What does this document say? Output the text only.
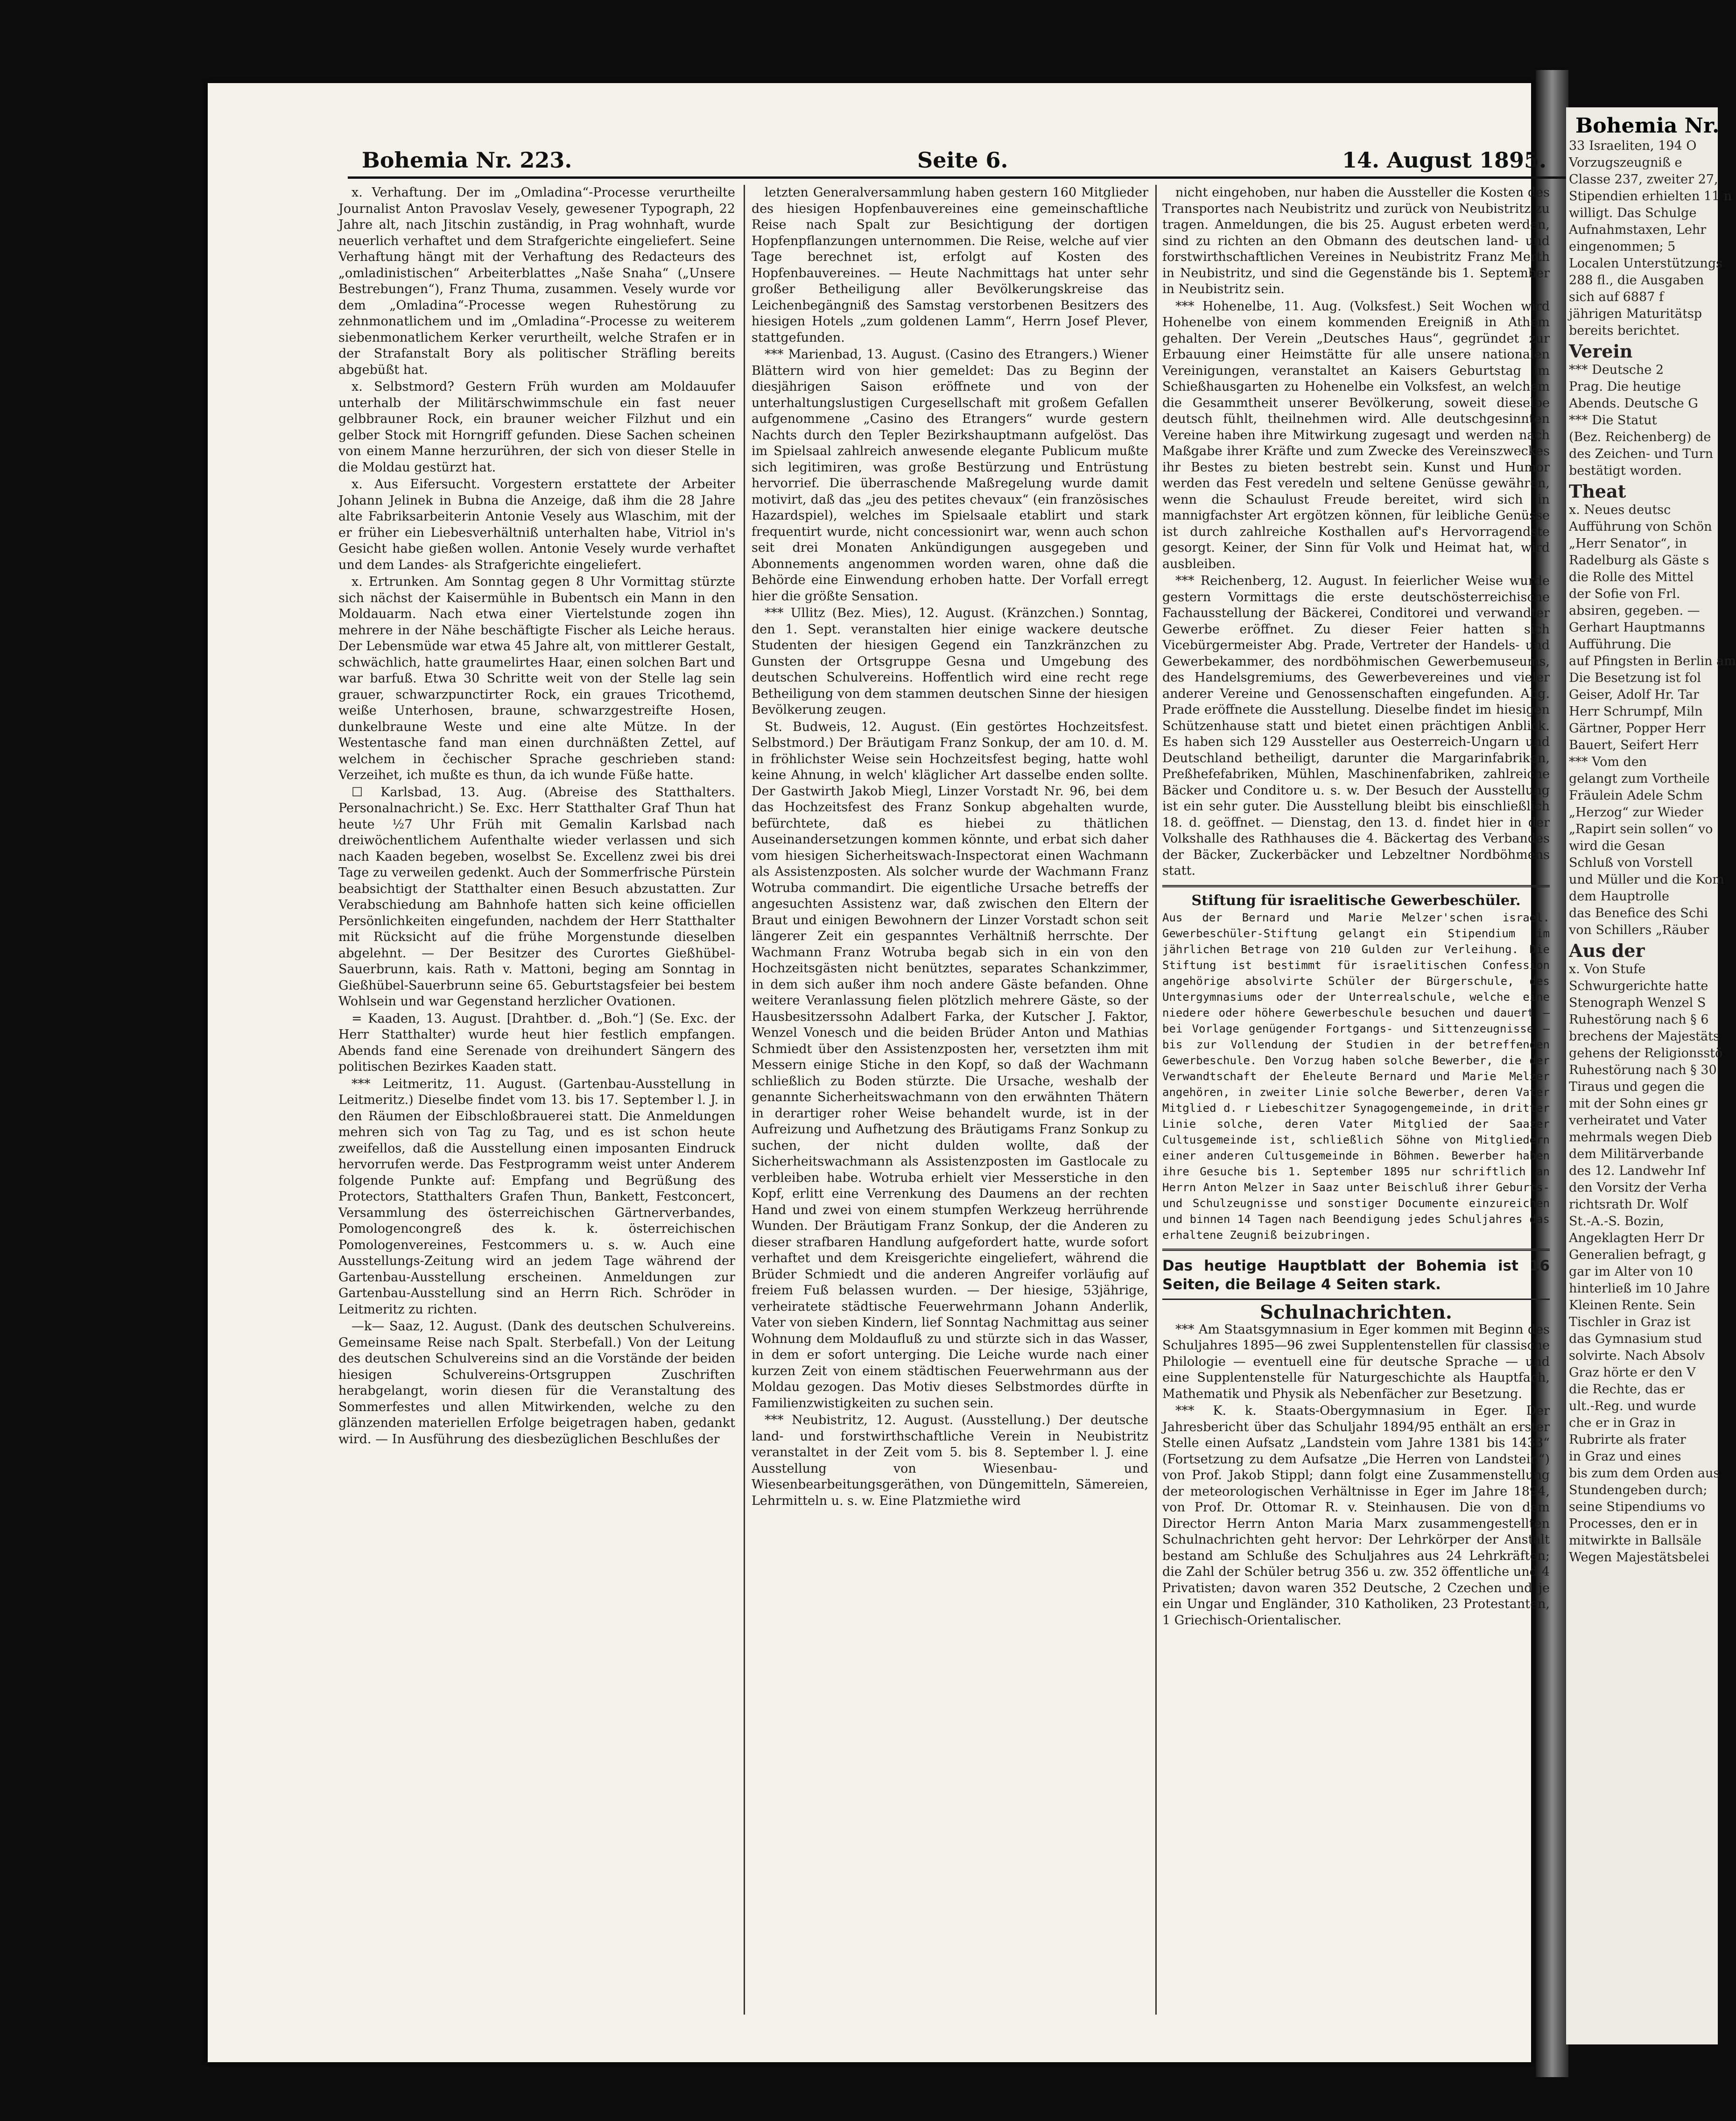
Bohemia Nr. 223.	Seite 6.	14. August 1895.

x. Verhaftung. Der im „Omladina“-Processe verurtheilte Journalist Anton Pravoslav Vesely, gewesener Typograph, 22 Jahre alt, nach Jitschin zuständig, in Prag wohnhaft, wurde neuerlich verhaftet und dem Strafgerichte eingeliefert. Seine Verhaftung hängt mit der Verhaftung des Redacteurs des „omladinistischen“ Arbeiterblattes „Naše Snaha“ („Unsere Bestrebungen“), Franz Thuma, zusammen. Vesely wurde vor dem „Omladina“-Processe wegen Ruhestörung zu zehnmonatlichem und im „Omladina“-Processe zu weiterem siebenmonatlichem Kerker verurtheilt, welche Strafen er in der Strafanstalt Bory als politischer Sträfling bereits abgebüßt hat.

x. Selbstmord? Gestern Früh wurden am Moldauufer unterhalb der Militärschwimmschule ein fast neuer gelbbrauner Rock, ein brauner weicher Filzhut und ein gelber Stock mit Horngriff gefunden. Diese Sachen scheinen von einem Manne herzurühren, der sich von dieser Stelle in die Moldau gestürzt hat.

x. Aus Eifersucht. Vorgestern erstattete der Arbeiter Johann Jelinek in Bubna die Anzeige, daß ihm die 28 Jahre alte Fabriksarbeiterin Antonie Vesely aus Wlaschim, mit der er früher ein Liebesverhältniß unterhalten habe, Vitriol in's Gesicht habe gießen wollen. Antonie Vesely wurde verhaftet und dem Landes- als Strafgerichte eingeliefert.

x. Ertrunken. Am Sonntag gegen 8 Uhr Vormittag stürzte sich nächst der Kaisermühle in Bubentsch ein Mann in den Moldauarm. Nach etwa einer Viertelstunde zogen ihn mehrere in der Nähe beschäftigte Fischer als Leiche heraus. Der Lebensmüde war etwa 45 Jahre alt, von mittlerer Gestalt, schwächlich, hatte graumelirtes Haar, einen solchen Bart und war barfuß. Etwa 30 Schritte weit von der Stelle lag sein grauer, schwarzpunctirter Rock, ein graues Tricothemd, weiße Unterhosen, braune, schwarzgestreifte Hosen, dunkelbraune Weste und eine alte Mütze. In der Westentasche fand man einen durchnäßten Zettel, auf welchem in čechischer Sprache geschrieben stand: Verzeihet, ich mußte es thun, da ich wunde Füße hatte.

☐ Karlsbad, 13. Aug. (Abreise des Statthalters. Personalnachricht.) Se. Exc. Herr Statthalter Graf Thun hat heute ½7 Uhr Früh mit Gemalin Karlsbad nach dreiwöchentlichem Aufenthalte wieder verlassen und sich nach Kaaden begeben, woselbst Se. Excellenz zwei bis drei Tage zu verweilen gedenkt. Auch der Sommerfrische Pürstein beabsichtigt der Statthalter einen Besuch abzustatten. Zur Verabschiedung am Bahnhofe hatten sich keine officiellen Persönlichkeiten eingefunden, nachdem der Herr Statthalter mit Rücksicht auf die frühe Morgenstunde dieselben abgelehnt. — Der Besitzer des Curortes Gießhübel-Sauerbrunn, kais. Rath v. Mattoni, beging am Sonntag in Gießhübel-Sauerbrunn seine 65. Geburtstagsfeier bei bestem Wohlsein und war Gegenstand herzlicher Ovationen.

= Kaaden, 13. August. [Drahtber. d. „Boh.“] (Se. Exc. der Herr Statthalter) wurde heut hier festlich empfangen. Abends fand eine Serenade von dreihundert Sängern des politischen Bezirkes Kaaden statt.

*** Leitmeritz, 11. August. (Gartenbau-Ausstellung in Leitmeritz.) Dieselbe findet vom 13. bis 17. September l. J. in den Räumen der Eibschloßbrauerei statt. Die Anmeldungen mehren sich von Tag zu Tag, und es ist schon heute zweifellos, daß die Ausstellung einen imposanten Eindruck hervorrufen werde. Das Festprogramm weist unter Anderem folgende Punkte auf: Empfang und Begrüßung des Protectors, Statthalters Grafen Thun, Bankett, Festconcert, Versammlung des österreichischen Gärtnerverbandes, Pomologencongreß des k. k. österreichischen Pomologenvereines, Festcommers u. s. w. Auch eine Ausstellungs-Zeitung wird an jedem Tage während der Gartenbau-Ausstellung erscheinen. Anmeldungen zur Gartenbau-Ausstellung sind an Herrn Rich. Schröder in Leitmeritz zu richten.

—k— Saaz, 12. August. (Dank des deutschen Schulvereins. Gemeinsame Reise nach Spalt. Sterbefall.) Von der Leitung des deutschen Schulvereins sind an die Vorstände der beiden hiesigen Schulvereins-Ortsgruppen Zuschriften herabgelangt, worin diesen für die Veranstaltung des Sommerfestes und allen Mitwirkenden, welche zu den glänzenden materiellen Erfolge beigetragen haben, gedankt wird. — In Ausführung des diesbezüglichen Beschlußes der

letzten Generalversammlung haben gestern 160 Mitglieder des hiesigen Hopfenbauvereines eine gemeinschaftliche Reise nach Spalt zur Besichtigung der dortigen Hopfenpflanzungen unternommen. Die Reise, welche auf vier Tage berechnet ist, erfolgt auf Kosten des Hopfenbauvereines. — Heute Nachmittags hat unter sehr großer Betheiligung aller Bevölkerungskreise das Leichenbegängniß des Samstag verstorbenen Besitzers des hiesigen Hotels „zum goldenen Lamm“, Herrn Josef Plever, stattgefunden.

*** Marienbad, 13. August. (Casino des Etrangers.) Wiener Blättern wird von hier gemeldet: Das zu Beginn der diesjährigen Saison eröffnete und von der unterhaltungslustigen Curgesellschaft mit großem Gefallen aufgenommene „Casino des Etrangers“ wurde gestern Nachts durch den Tepler Bezirkshauptmann aufgelöst. Das im Spielsaal zahlreich anwesende elegante Publicum mußte sich legitimiren, was große Bestürzung und Entrüstung hervorrief. Die überraschende Maßregelung wurde damit motivirt, daß das „jeu des petites chevaux“ (ein französisches Hazardspiel), welches im Spielsaale etablirt und stark frequentirt wurde, nicht concessionirt war, wenn auch schon seit drei Monaten Ankündigungen ausgegeben und Abonnements angenommen worden waren, ohne daß die Behörde eine Einwendung erhoben hatte. Der Vorfall erregt hier die größte Sensation.

*** Ullitz (Bez. Mies), 12. August. (Kränzchen.) Sonntag, den 1. Sept. veranstalten hier einige wackere deutsche Studenten der hiesigen Gegend ein Tanzkränzchen zu Gunsten der Ortsgruppe Gesna und Umgebung des deutschen Schulvereins. Hoffentlich wird eine recht rege Betheiligung von dem stammen deutschen Sinne der hiesigen Bevölkerung zeugen.

St. Budweis, 12. August. (Ein gestörtes Hochzeitsfest. Selbstmord.) Der Bräutigam Franz Sonkup, der am 10. d. M. in fröhlichster Weise sein Hochzeitsfest beging, hatte wohl keine Ahnung, in welch' kläglicher Art dasselbe enden sollte. Der Gastwirth Jakob Miegl, Linzer Vorstadt Nr. 96, bei dem das Hochzeitsfest des Franz Sonkup abgehalten wurde, befürchtete, daß es hiebei zu thätlichen Auseinandersetzungen kommen könnte, und erbat sich daher vom hiesigen Sicherheitswach-Inspectorat einen Wachmann als Assistenzposten. Als solcher wurde der Wachmann Franz Wotruba commandirt. Die eigentliche Ursache betreffs der angesuchten Assistenz war, daß zwischen den Eltern der Braut und einigen Bewohnern der Linzer Vorstadt schon seit längerer Zeit ein gespanntes Verhältniß herrschte. Der Wachmann Franz Wotruba begab sich in ein von den Hochzeitsgästen nicht benütztes, separates Schankzimmer, in dem sich außer ihm noch andere Gäste befanden. Ohne weitere Veranlassung fielen plötzlich mehrere Gäste, so der Hausbesitzerssohn Adalbert Farka, der Kutscher J. Faktor, Wenzel Vonesch und die beiden Brüder Anton und Mathias Schmiedt über den Assistenzposten her, versetzten ihm mit Messern einige Stiche in den Kopf, so daß der Wachmann schließlich zu Boden stürzte. Die Ursache, weshalb der genannte Sicherheitswachmann von den erwähnten Thätern in derartiger roher Weise behandelt wurde, ist in der Aufreizung und Aufhetzung des Bräutigams Franz Sonkup zu suchen, der nicht dulden wollte, daß der Sicherheitswachmann als Assistenzposten im Gastlocale zu verbleiben habe. Wotruba erhielt vier Messerstiche in den Kopf, erlitt eine Verrenkung des Daumens an der rechten Hand und zwei von einem stumpfen Werkzeug herrührende Wunden. Der Bräutigam Franz Sonkup, der die Anderen zu dieser strafbaren Handlung aufgefordert hatte, wurde sofort verhaftet und dem Kreisgerichte eingeliefert, während die Brüder Schmiedt und die anderen Angreifer vorläufig auf freiem Fuß belassen wurden. — Der hiesige, 53jährige, verheiratete städtische Feuerwehrmann Johann Anderlik, Vater von sieben Kindern, lief Sonntag Nachmittag aus seiner Wohnung dem Moldaufluß zu und stürzte sich in das Wasser, in dem er sofort unterging. Die Leiche wurde nach einer kurzen Zeit von einem städtischen Feuerwehrmann aus der Moldau gezogen. Das Motiv dieses Selbstmordes dürfte in Familienzwistigkeiten zu suchen sein.

*** Neubistritz, 12. August. (Ausstellung.) Der deutsche land- und forstwirthschaftliche Verein in Neubistritz veranstaltet in der Zeit vom 5. bis 8. September l. J. eine Ausstellung von Wiesenbau- und Wiesenbearbeitungsgeräthen, von Düngemitteln, Sämereien, Lehrmitteln u. s. w. Eine Platzmiethe wird

nicht eingehoben, nur haben die Aussteller die Kosten des Transportes nach Neubistritz und zurück von Neubistritz zu tragen. Anmeldungen, die bis 25. August erbeten werden, sind zu richten an den Obmann des deutschen land- und forstwirthschaftlichen Vereines in Neubistritz Franz Merth in Neubistritz, und sind die Gegenstände bis 1. September in Neubistritz sein.

*** Hohenelbe, 11. Aug. (Volksfest.) Seit Wochen wird Hohenelbe von einem kommenden Ereigniß in Athem gehalten. Der Verein „Deutsches Haus“, gegründet zur Erbauung einer Heimstätte für alle unsere nationalen Vereinigungen, veranstaltet an Kaisers Geburtstag im Schießhausgarten zu Hohenelbe ein Volksfest, an welchem die Gesammtheit unserer Bevölkerung, soweit dieselbe deutsch fühlt, theilnehmen wird. Alle deutschgesinnten Vereine haben ihre Mitwirkung zugesagt und werden nach Maßgabe ihrer Kräfte und zum Zwecke des Vereinszweckes ihr Bestes zu bieten bestrebt sein. Kunst und Humor werden das Fest veredeln und seltene Genüsse gewähren, wenn die Schaulust Freude bereitet, wird sich in mannigfachster Art ergötzen können, für leibliche Genüsse ist durch zahlreiche Kosthallen auf's Hervorragendste gesorgt. Keiner, der Sinn für Volk und Heimat hat, wird ausbleiben.

*** Reichenberg, 12. August. In feierlicher Weise wurde gestern Vormittags die erste deutschösterreichische Fachausstellung der Bäckerei, Conditorei und verwandter Gewerbe eröffnet. Zu dieser Feier hatten sich Vicebürgermeister Abg. Prade, Vertreter der Handels- und Gewerbekammer, des nordböhmischen Gewerbemuseums, des Handelsgremiums, des Gewerbevereines und vieler anderer Vereine und Genossenschaften eingefunden. Abg. Prade eröffnete die Ausstellung. Dieselbe findet im hiesigen Schützenhause statt und bietet einen prächtigen Anblick. Es haben sich 129 Aussteller aus Oesterreich-Ungarn und Deutschland betheiligt, darunter die Margarinfabriken, Preßhefefabriken, Mühlen, Maschinenfabriken, zahlreiche Bäcker und Conditore u. s. w. Der Besuch der Ausstellung ist ein sehr guter. Die Ausstellung bleibt bis einschließlich 18. d. geöffnet. — Dienstag, den 13. d. findet hier in der Volkshalle des Rathhauses die 4. Bäckertag des Verbandes der Bäcker, Zuckerbäcker und Lebzeltner Nordböhmens statt.

Stiftung für israelitische Gewerbeschüler.

Aus der Bernard und Marie Melzer'schen israel. Gewerbeschüler-Stiftung gelangt ein Stipendium im jährlichen Betrage von 210 Gulden zur Verleihung. Die Stiftung ist bestimmt für israelitischen Confession angehörige absolvirte Schüler der Bürgerschule, des Untergymnasiums oder der Unterrealschule, welche eine niedere oder höhere Gewerbeschule besuchen und dauert — bei Vorlage genügender Fortgangs- und Sittenzeugnisse — bis zur Vollendung der Studien in der betreffenden Gewerbeschule. Den Vorzug haben solche Bewerber, die der Verwandtschaft der Eheleute Bernard und Marie Melzer angehören, in zweiter Linie solche Bewerber, deren Vater Mitglied d. r Liebeschitzer Synagogengemeinde, in dritter Linie solche, deren Vater Mitglied der Saazer Cultusgemeinde ist, schließlich Söhne von Mitgliedern einer anderen Cultusgemeinde in Böhmen. Bewerber haben ihre Gesuche bis 1. September 1895 nur schriftlich an Herrn Anton Melzer in Saaz unter Beischluß ihrer Geburts- und Schulzeugnisse und sonstiger Documente einzureichen und binnen 14 Tagen nach Beendigung jedes Schuljahres das erhaltene Zeugniß beizubringen.

Das heutige Hauptblatt der Bohemia ist 16 Seiten, die Beilage 4 Seiten stark.

Schulnachrichten.

*** Am Staatsgymnasium in Eger kommen mit Beginn des Schuljahres 1895—96 zwei Supplentenstellen für classische Philologie — eventuell eine für deutsche Sprache — und eine Supplentenstelle für Naturgeschichte als Hauptfach, Mathematik und Physik als Nebenfächer zur Besetzung.

*** K. k. Staats-Obergymnasium in Eger. Der Jahresbericht über das Schuljahr 1894/95 enthält an erster Stelle einen Aufsatz „Landstein vom Jahre 1381 bis 1433“ (Fortsetzung zu dem Aufsatze „Die Herren von Landstein“) von Prof. Jakob Stippl; dann folgt eine Zusammenstellung der meteorologischen Verhältnisse in Eger im Jahre 1894, von Prof. Dr. Ottomar R. v. Steinhausen. Die von dem Director Herrn Anton Maria Marx zusammengestellten Schulnachrichten geht hervor: Der Lehrkörper der Anstalt bestand am Schluße des Schuljahres aus 24 Lehrkräften; die Zahl der Schüler betrug 356 u. zw. 352 öffentliche und 4 Privatisten; davon waren 352 Deutsche, 2 Czechen und je ein Ungar und Engländer, 310 Katholiken, 23 Protestanten, 1 Griechisch-Orientalischer.

Bohemia Nr.
33 Israeliten, 194 O
Vorzugszeugniß e
Classe 237, zweiter 27,
Stipendien erhielten 11 n
willigt. Das Schulge
Aufnahmstaxen, Lehr
eingenommen; 5
Localen Unterstützungs
288 fl., die Ausgaben
sich auf 6887 f
jährigen Maturitätsp
bereits berichtet.
Verein
*** Deutsche 2
Prag. Die heutige
Abends. Deutsche G
*** Die Statut
(Bez. Reichenberg) de
des Zeichen- und Turn
bestätigt worden.
Theat
x. Neues deutsc
Aufführung von Schön
„Herr Senator“, in
Radelburg als Gäste s
die Rolle des Mittel
der Sofie von Frl.
absiren, gegeben. —
Gerhart Hauptmanns
Aufführung. Die
auf Pfingsten in Berlin am
Die Besetzung ist fol
Geiser, Adolf Hr. Tar
Herr Schrumpf, Miln
Gärtner, Popper Herr
Bauert, Seifert Herr
*** Vom den
gelangt zum Vortheile
Fräulein Adele Schm
„Herzog“ zur Wieder
„Rapirt sein sollen“ vo
wird die Gesan
Schluß von Vorstell
und Müller und die Kom
dem Hauptrolle
das Benefice des Schi
von Schillers „Räuber
Aus der
x. Von Stufe
Schwurgerichte hatte
Stenograph Wenzel S
Ruhestörung nach § 6
brechens der Majestäts
gehens der Religionsstö
Ruhestörung nach § 30
Tiraus und gegen die
mit der Sohn eines gr
verheiratet und Vater
mehrmals wegen Dieb
dem Militärverbande
des 12. Landwehr Inf
den Vorsitz der Verha
richtsrath Dr. Wolf
St.-A.-S. Bozin,
Angeklagten Herr Dr
Generalien befragt, g
gar im Alter von 10
hinterließ im 10 Jahre
Kleinen Rente. Sein
Tischler in Graz ist
das Gymnasium stud
solvirte. Nach Absolv
Graz hörte er den V
die Rechte, das er
ult.-Reg. und wurde
che er in Graz in
Rubrirte als frater
in Graz und eines
bis zum dem Orden aus
Stundengeben durch;
seine Stipendiums vo
Processes, den er in
mitwirkte in Ballsäle
Wegen Majestätsbelei
